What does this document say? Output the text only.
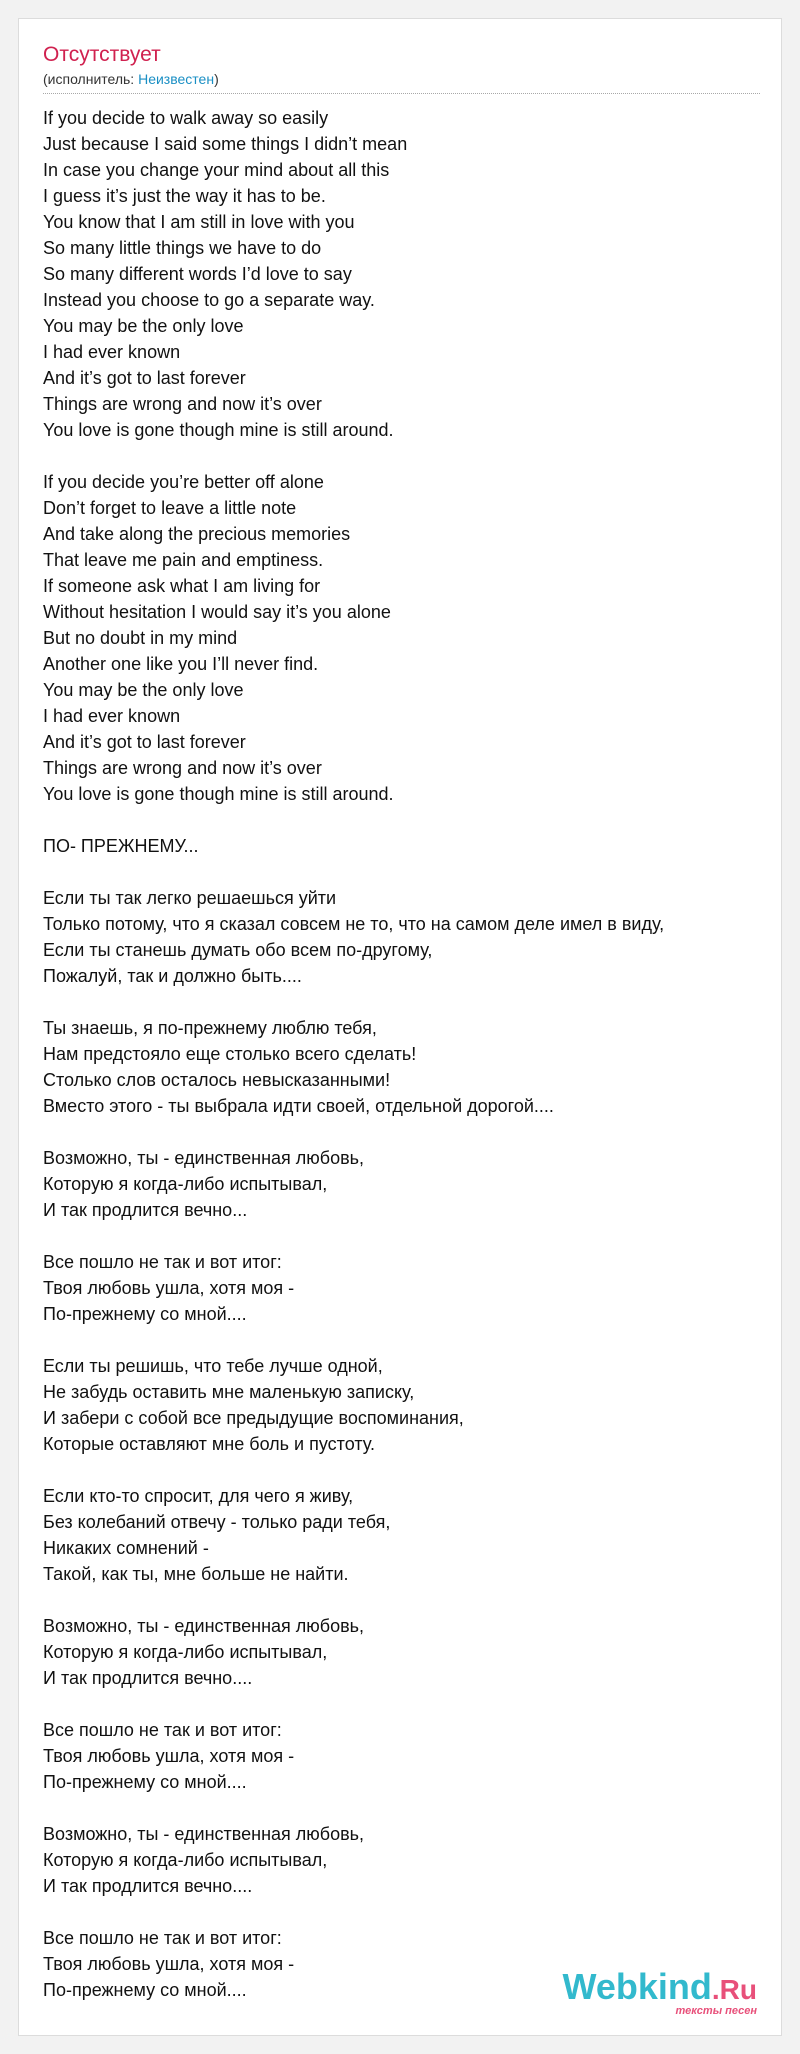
Отсутствует
(исполнитель: Неизвестен)
If you decide to walk away so easily
Just because I said some things I didn’t mean
In case you change your mind about all this
I guess it’s just the way it has to be.
You know that I am still in love with you
So many little things we have to do
So many different words I’d love to say
Instead you choose to go a separate way.
You may be the only love
I had ever known
And it’s got to last forever
Things are wrong and now it’s over
You love is gone though mine is still around.
If you decide you’re better off alone
Don’t forget to leave a little note
And take along the precious memories
That leave me pain and emptiness.
If someone ask what I am living for
Without hesitation I would say it’s you alone
But no doubt in my mind
Another one like you I’ll never find.
You may be the only love
I had ever known
And it’s got to last forever
Things are wrong and now it’s over
You love is gone though mine is still around.
ПО- ПРЕЖНЕМУ...
Если ты так легко решаешься уйти
Только потому, что я сказал совсем не то, что на самом деле имел в виду,
Если ты станешь думать обо всем по-другому,
Пожалуй, так и должно быть....
Ты знаешь, я по-прежнему люблю тебя,
Нам предстояло еще столько всего сделать!
Столько слов осталось невысказанными!
Вместо этого - ты выбрала идти своей, отдельной дорогой....
Возможно, ты - единственная любовь,
Которую я когда-либо испытывал,
И так продлится вечно...
Все пошло не так и вот итог:
Твоя любовь ушла, хотя моя -
По-прежнему со мной....
Если ты решишь, что тебе лучше одной,
Не забудь оставить мне маленькую записку,
И забери с собой все предыдущие воспоминания,
Которые оставляют мне боль и пустоту.
Если кто-то спросит, для чего я живу,
Без колебаний отвечу - только ради тебя,
Никаких сомнений -
Такой, как ты, мне больше не найти.
Возможно, ты - единственная любовь,
Которую я когда-либо испытывал,
И так продлится вечно....
Все пошло не так и вот итог:
Твоя любовь ушла, хотя моя -
По-прежнему со мной....
Возможно, ты - единственная любовь,
Которую я когда-либо испытывал,
И так продлится вечно....
Все пошло не так и вот итог:
Твоя любовь ушла, хотя моя -
По-прежнему со мной....	Webkind.Ru
тексты песен
